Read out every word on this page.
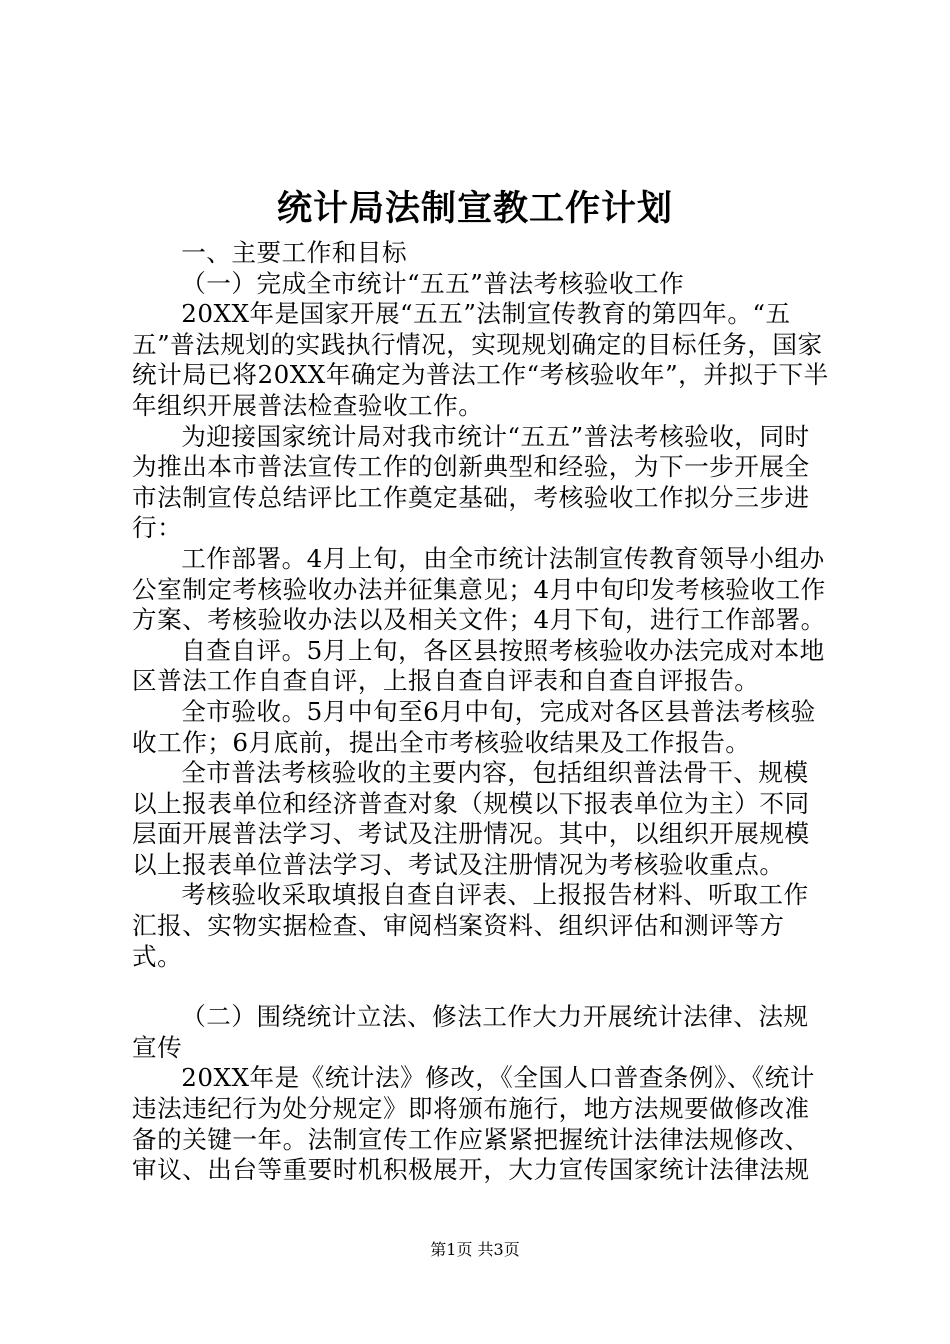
统计局法制宣教工作计划

一、主要工作和目标

（一）完成全市统计“五五”普法考核验收工作

20XX年是国家开展“五五”法制宣传教育的第四年。“五五”普法规划的实践执行情况，实现规划确定的目标任务，国家统计局已将20XX年确定为普法工作“考核验收年”，并拟于下半年组织开展普法检查验收工作。

为迎接国家统计局对我市统计“五五”普法考核验收，同时为推出本市普法宣传工作的创新典型和经验，为下一步开展全市法制宣传总结评比工作奠定基础，考核验收工作拟分三步进行：

工作部署。4月上旬，由全市统计法制宣传教育领导小组办公室制定考核验收办法并征集意见；4月中旬印发考核验收工作方案、考核验收办法以及相关文件；4月下旬，进行工作部署。

自查自评。5月上旬，各区县按照考核验收办法完成对本地区普法工作自查自评，上报自查自评表和自查自评报告。

全市验收。5月中旬至6月中旬，完成对各区县普法考核验收工作；6月底前，提出全市考核验收结果及工作报告。

全市普法考核验收的主要内容，包括组织普法骨干、规模以上报表单位和经济普查对象（规模以下报表单位为主）不同层面开展普法学习、考试及注册情况。其中，以组织开展规模以上报表单位普法学习、考试及注册情况为考核验收重点。

考核验收采取填报自查自评表、上报报告材料、听取工作汇报、实物实据检查、审阅档案资料、组织评估和测评等方式。

（二）围绕统计立法、修法工作大力开展统计法律、法规宣传

20XX年是《统计法》修改，《全国人口普查条例》、《统计违法违纪行为处分规定》即将颁布施行，地方法规要做修改准备的关键一年。法制宣传工作应紧紧把握统计法律法规修改、审议、出台等重要时机积极展开，大力宣传国家统计法律法规

第1页 共3页
